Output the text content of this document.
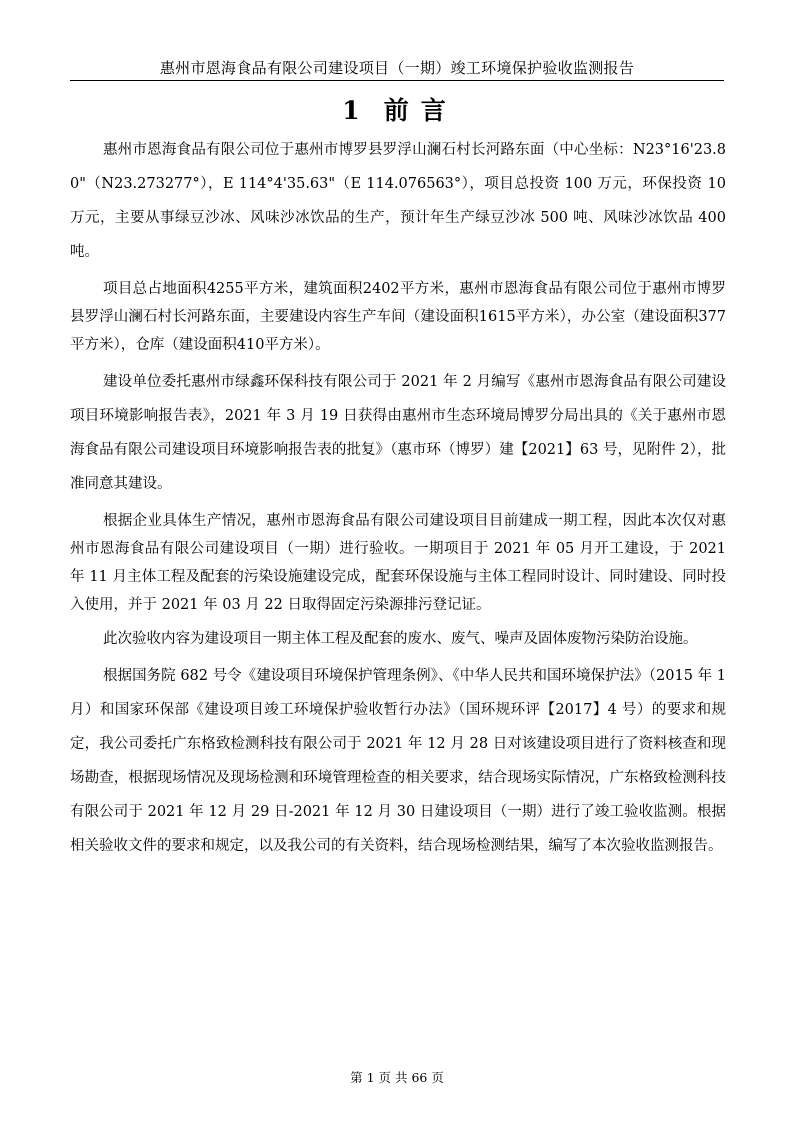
惠州市恩海食品有限公司建设项目（一期）竣工环境保护验收监测报告
1 前 言

惠州市恩海食品有限公司位于惠州市博罗县罗浮山澜石村长河路东面（中心坐标：N23°16'23.80"（N23.273277°），E 114°4'35.63"（E 114.076563°），项目总投资 100 万元，环保投资 10 万元，主要从事绿豆沙冰、风味沙冰饮品的生产，预计年生产绿豆沙冰 500 吨、风味沙冰饮品 400 吨。

项目总占地面积4255平方米，建筑面积2402平方米，惠州市恩海食品有限公司位于惠州市博罗县罗浮山澜石村长河路东面，主要建设内容生产车间（建设面积1615平方米），办公室（建设面积377平方米），仓库（建设面积410平方米）。

建设单位委托惠州市绿鑫环保科技有限公司于 2021 年 2 月编写《惠州市恩海食品有限公司建设项目环境影响报告表》，2021 年 3 月 19 日获得由惠州市生态环境局博罗分局出具的《关于惠州市恩海食品有限公司建设项目环境影响报告表的批复》（惠市环（博罗）建【2021】63 号，见附件 2），批准同意其建设。

根据企业具体生产情况，惠州市恩海食品有限公司建设项目目前建成一期工程，因此本次仅对惠州市恩海食品有限公司建设项目（一期）进行验收。一期项目于 2021 年 05 月开工建设，于 2021 年 11 月主体工程及配套的污染设施建设完成，配套环保设施与主体工程同时设计、同时建设、同时投入使用，并于 2021 年 03 月 22 日取得固定污染源排污登记证。

此次验收内容为建设项目一期主体工程及配套的废水、废气、噪声及固体废物污染防治设施。

根据国务院 682 号令《建设项目环境保护管理条例》、《中华人民共和国环境保护法》（2015 年 1 月）和国家环保部《建设项目竣工环境保护验收暂行办法》（国环规环评【2017】4 号）的要求和规定，我公司委托广东格致检测科技有限公司于 2021 年 12 月 28 日对该建设项目进行了资料核查和现场勘查，根据现场情况及现场检测和环境管理检查的相关要求，结合现场实际情况，广东格致检测科技有限公司于 2021 年 12 月 29 日-2021 年 12 月 30 日建设项目（一期）进行了竣工验收监测。根据相关验收文件的要求和规定，以及我公司的有关资料，结合现场检测结果，编写了本次验收监测报告。

第 1 页 共 66 页
